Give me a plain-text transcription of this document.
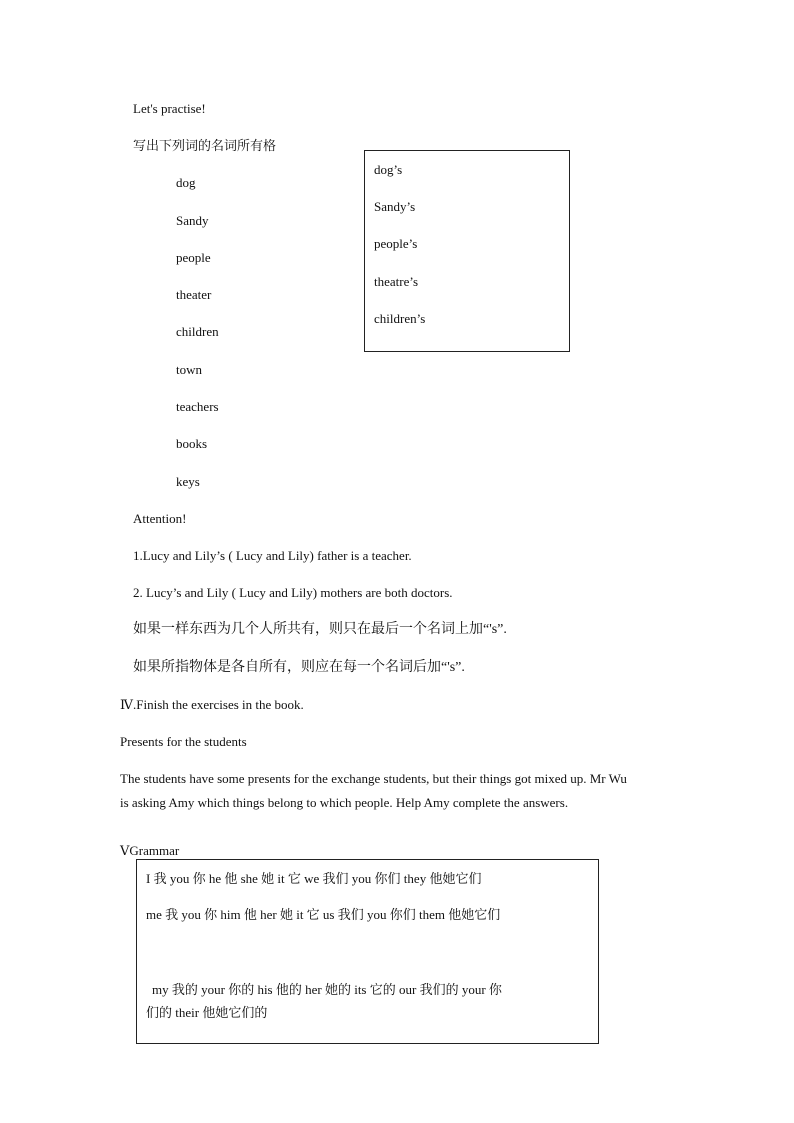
Let's practise!
写出下列词的名词所有格
dog
Sandy
people
theater
children
town
teachers
books
keys
dog’s
Sandy’s
people’s
theatre’s
children’s
Attention!
1.Lucy and Lily’s ( Lucy and Lily) father is a teacher.
2. Lucy’s and Lily ( Lucy and Lily) mothers are both doctors.
如果一样东西为几个人所共有，则只在最后一个名词上加“'s”.
如果所指物体是各自所有，则应在每一个名词后加“'s”.
Ⅳ.Finish the exercises in the book.
Presents for the students
The students have some presents for the exchange students, but their things got mixed up. Mr Wu
is asking Amy which things belong to which people. Help Amy complete the answers.
ⅤGrammar
I 我 you 你 he 他 she 她 it 它 we 我们 you 你们 they 他她它们
me 我 you 你 him 他 her 她 it 它 us 我们 you 你们 them 他她它们
my 我的 your 你的 his 他的 her 她的 its 它的 our 我们的 your 你
们的 their 他她它们的
